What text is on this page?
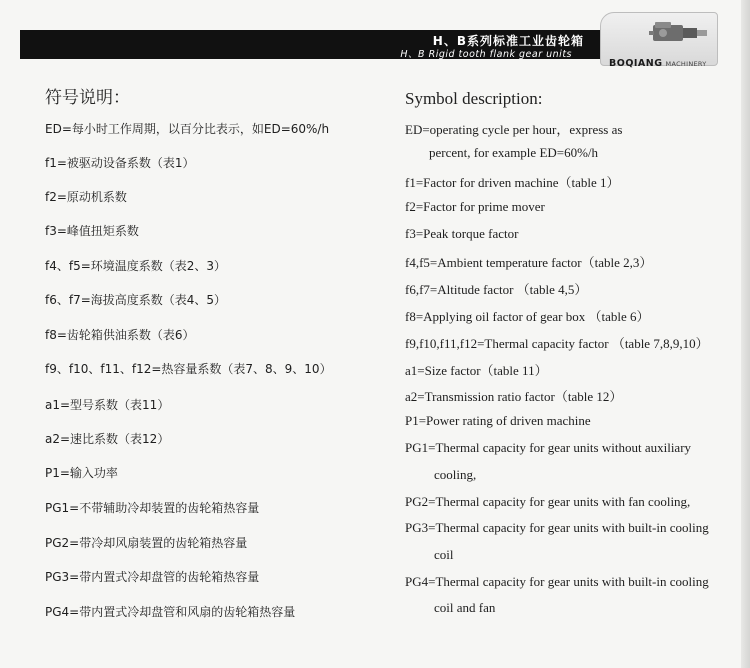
H、B系列标准工业齿轮箱
H、B Rigid tooth flank gear units
BOQIANG MACHINERY
符号说明：	Symbol description:
ED=每小时工作周期，以百分比表示，如ED=60%/h
f1=被驱动设备系数（表1）
f2=原动机系数
f3=峰值扭矩系数
f4、f5=环境温度系数（表2、3）
f6、f7=海拔高度系数（表4、5）
f8=齿轮箱供油系数（表6）
f9、f10、f11、f12=热容量系数（表7、8、9、10）
a1=型号系数（表11）
a2=速比系数（表12）
P1=输入功率
PG1=不带辅助冷却装置的齿轮箱热容量
PG2=带冷却风扇装置的齿轮箱热容量
PG3=带内置式冷却盘管的齿轮箱热容量
PG4=带内置式冷却盘管和风扇的齿轮箱热容量
ED=operating cycle per hour，express as
percent, for example ED=60%/h
f1=Factor for driven machine（table 1）
f2=Factor for prime mover
f3=Peak torque factor
f4,f5=Ambient temperature factor（table 2,3）
f6,f7=Altitude factor （table 4,5）
f8=Applying oil factor of gear box （table 6）
f9,f10,f11,f12=Thermal capacity factor （table 7,8,9,10）
a1=Size factor（table 11）
a2=Transmission ratio factor（table 12）
P1=Power rating of driven machine
PG1=Thermal capacity for gear units without auxiliary
cooling,
PG2=Thermal capacity for gear units with fan cooling,
PG3=Thermal capacity for gear units with built-in cooling
coil
PG4=Thermal capacity for gear units with built-in cooling
coil and fan
